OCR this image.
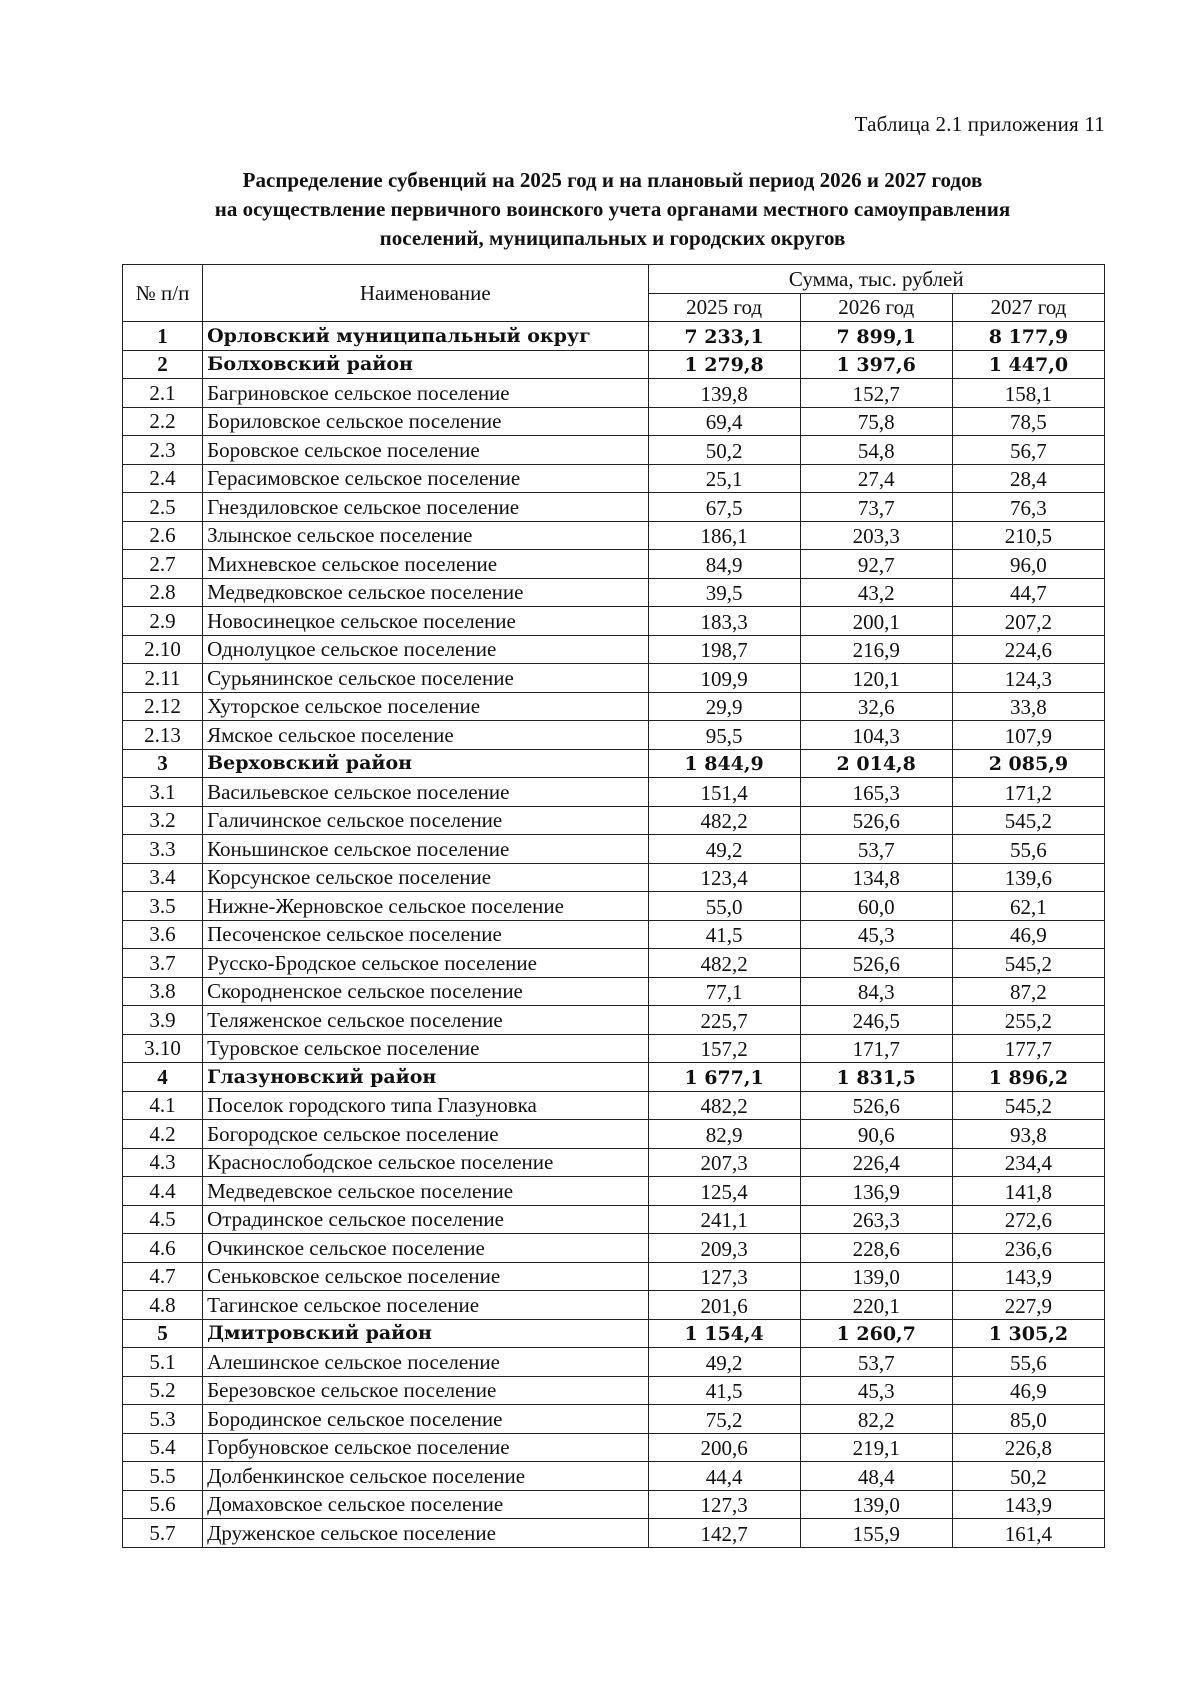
Таблица 2.1 приложения 11
Распределение субвенций на 2025 год и на плановый период 2026 и 2027 годов
на осуществление первичного воинского учета органами местного самоуправления
поселений, муниципальных и городских округов
№ п/п	Наименование	Сумма, тыс. рублей		
		2025 год	2026 год	2027 год
1	Орловский муниципальный округ	7 233,1	7 899,1	8 177,9
2	Болховский район	1 279,8	1 397,6	1 447,0
2.1	Багриновское сельское поселение	139,8	152,7	158,1
2.2	Бориловское сельское поселение	69,4	75,8	78,5
2.3	Боровское сельское поселение	50,2	54,8	56,7
2.4	Герасимовское сельское поселение	25,1	27,4	28,4
2.5	Гнездиловское сельское поселение	67,5	73,7	76,3
2.6	Злынское сельское поселение	186,1	203,3	210,5
2.7	Михневское сельское поселение	84,9	92,7	96,0
2.8	Медведковское сельское поселение	39,5	43,2	44,7
2.9	Новосинецкое сельское поселение	183,3	200,1	207,2
2.10	Однолуцкое сельское поселение	198,7	216,9	224,6
2.11	Сурьянинское сельское поселение	109,9	120,1	124,3
2.12	Хуторское сельское поселение	29,9	32,6	33,8
2.13	Ямское сельское поселение	95,5	104,3	107,9
3	Верховский район	1 844,9	2 014,8	2 085,9
3.1	Васильевское сельское поселение	151,4	165,3	171,2
3.2	Галичинское сельское поселение	482,2	526,6	545,2
3.3	Коньшинское сельское поселение	49,2	53,7	55,6
3.4	Корсунское сельское поселение	123,4	134,8	139,6
3.5	Нижне-Жерновское сельское поселение	55,0	60,0	62,1
3.6	Песоченское сельское поселение	41,5	45,3	46,9
3.7	Русско-Бродское сельское поселение	482,2	526,6	545,2
3.8	Скородненское сельское поселение	77,1	84,3	87,2
3.9	Теляженское сельское поселение	225,7	246,5	255,2
3.10	Туровское сельское поселение	157,2	171,7	177,7
4	Глазуновский район	1 677,1	1 831,5	1 896,2
4.1	Поселок городского типа Глазуновка	482,2	526,6	545,2
4.2	Богородское сельское поселение	82,9	90,6	93,8
4.3	Краснослободское сельское поселение	207,3	226,4	234,4
4.4	Медведевское сельское поселение	125,4	136,9	141,8
4.5	Отрадинское сельское поселение	241,1	263,3	272,6
4.6	Очкинское сельское поселение	209,3	228,6	236,6
4.7	Сеньковское сельское поселение	127,3	139,0	143,9
4.8	Тагинское сельское поселение	201,6	220,1	227,9
5	Дмитровский район	1 154,4	1 260,7	1 305,2
5.1	Алешинское сельское поселение	49,2	53,7	55,6
5.2	Березовское сельское поселение	41,5	45,3	46,9
5.3	Бородинское сельское поселение	75,2	82,2	85,0
5.4	Горбуновское сельское поселение	200,6	219,1	226,8
5.5	Долбенкинское сельское поселение	44,4	48,4	50,2
5.6	Домаховское сельское поселение	127,3	139,0	143,9
5.7	Друженское сельское поселение	142,7	155,9	161,4
